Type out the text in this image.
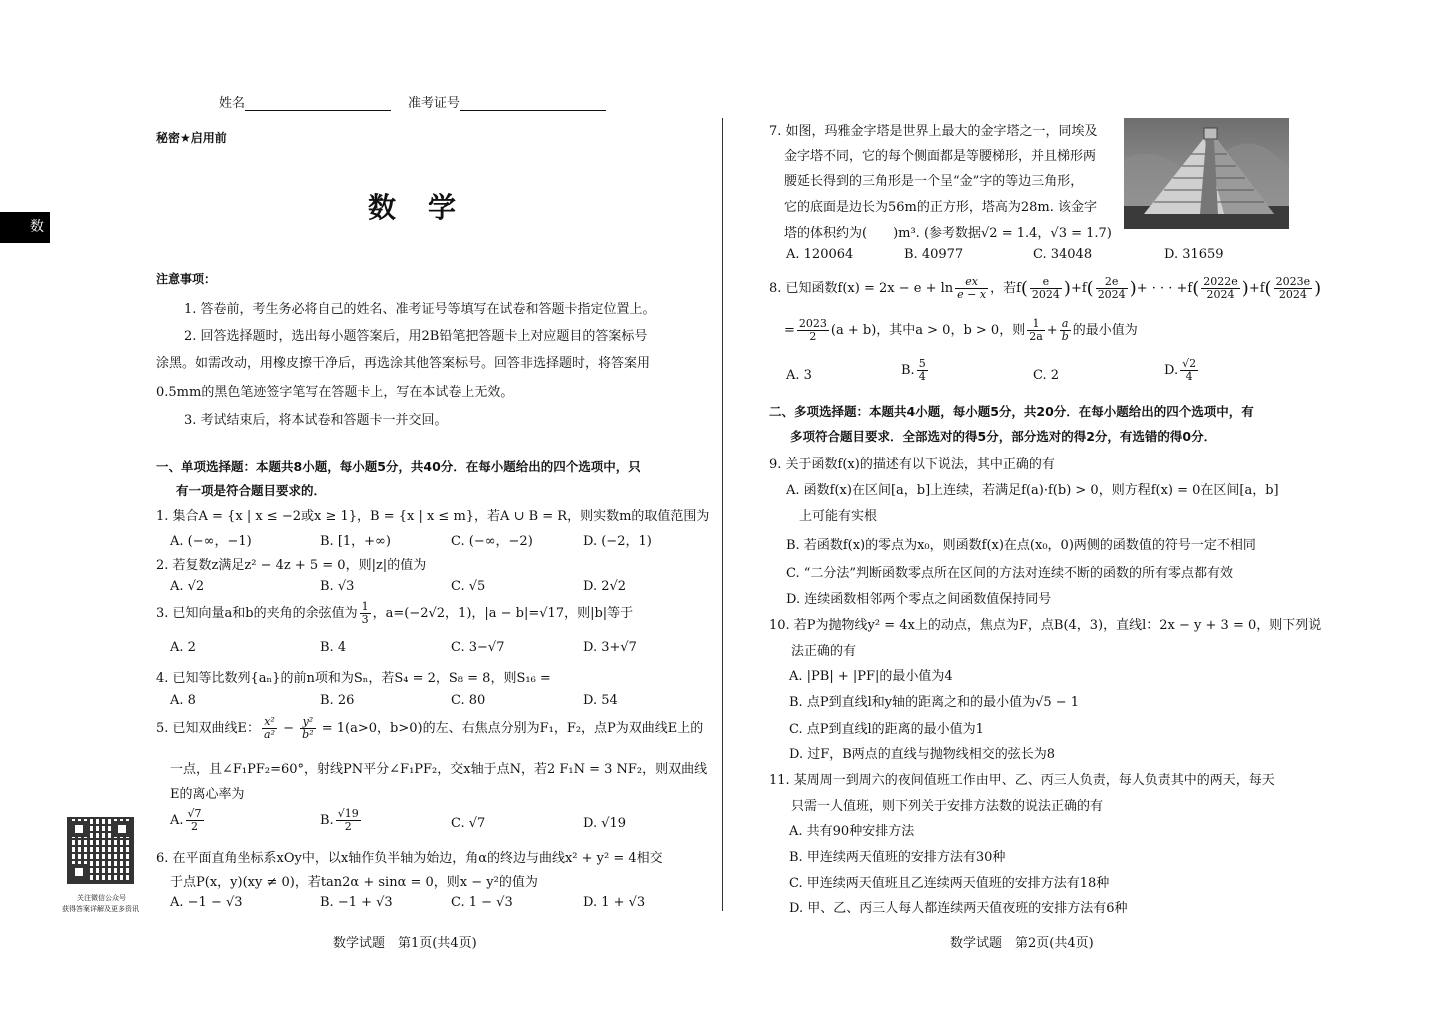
姓名	准考证号
秘密★启用前
数　学
数
注意事项：
1. 答卷前，考生务必将自己的姓名、准考证号等填写在试卷和答题卡指定位置上。
2. 回答选择题时，选出每小题答案后，用2B铅笔把答题卡上对应题目的答案标号
涂黑。如需改动，用橡皮擦干净后，再选涂其他答案标号。回答非选择题时，将答案用
0.5mm的黑色笔迹签字笔写在答题卡上，写在本试卷上无效。
3. 考试结束后，将本试卷和答题卡一并交回。
一、单项选择题：本题共8小题，每小题5分，共40分．在每小题给出的四个选项中，只
有一项是符合题目要求的．
1. 集合A = {x | x ≤ −2或x ≥ 1}，B = {x | x ≤ m}，若A ∪ B = R，则实数m的取值范围为
A. (−∞，−1)	B. [1，+∞)	C. (−∞，−2)	D. (−2，1)
2. 若复数z满足z² − 4z + 5 = 0，则|z|的值为
A. √2	B. √3	C. √5	D. 2√2
3. 已知向量a和b的夹角的余弦值为 $\frac{1}{3}$ ，a=(−2√2，1)，|a − b|=√17，则|b|等于
A. 2	B. 4	C. 3−√7	D. 3+√7
4. 已知等比数列{aₙ}的前n项和为Sₙ，若S₄ = 2，S₈ = 8，则S₁₆ =
A. 8	B. 26	C. 80	D. 54
5. 已知双曲线E： $\frac{\text{x²}}{\text{a²}} - \frac{\text{y²}}{\text{b²}} = 1(a>0$，b>0)的左、右焦点分别为F₁，F₂，点P为双曲线E上的
一点，且∠F₁PF₂=60°，射线PN平分∠F₁PF₂，交x轴于点N，若2 F₁N = 3 NF₂，则双曲线
E的离心率为
A. $\frac{√7}{2}$	B. $\frac{√19}{2}$	C. √7	D. √19
6. 在平面直角坐标系xOy中，以x轴作负半轴为始边，角α的终边与曲线x² + y² = 4相交
于点P(x，y)(xy ≠ 0)，若tan2α + sinα = 0，则x − y²的值为
A. −1 − √3	B. −1 + √3	C. 1 − √3	D. 1 + √3
关注微信公众号
获得答案详解及更多资讯
数学试题　第1页(共4页)
7. 如图，玛雅金字塔是世界上最大的金字塔之一，同埃及
金字塔不同，它的每个侧面都是等腰梯形，并且梯形两
腰延长得到的三角形是一个呈“金”字的等边三角形，
它的底面是边长为56m的正方形，塔高为28m. 该金字
塔的体积约为(　　)m³. (参考数据√2 = 1.4，√3 = 1.7)
A. 120064	B. 40977	C. 34048	D. 31659
8. 已知函数$f(x) = 2x - e + \ln \frac{ex}{e - x}$ ，若$f( \frac{e}{2024} )+f( \frac{2e}{2024}$ )+ · · · $+f( \frac{2022e}{2024} )+f( \frac{2023e}{2024}$ )
= $\frac{2023}{2} (a + b)$，其中a > 0，b > 0，则 $\frac{1}{2a} + \frac{a}{b}$ 的最小值为
A. 3	B. $\frac{5}{4}$	C. 2	D. $\frac{√2}{4}$
二、多项选择题：本题共4小题，每小题5分，共20分．在每小题给出的四个选项中，有
多项符合题目要求．全部选对的得5分，部分选对的得2分，有选错的得0分．
9. 关于函数f(x)的描述有以下说法，其中正确的有
A. 函数f(x)在区间[a，b]上连续，若满足f(a)·f(b) > 0，则方程f(x) = 0在区间[a，b]
上可能有实根
B. 若函数f(x)的零点为x₀，则函数f(x)在点(x₀，0)两侧的函数值的符号一定不相同
C. “二分法”判断函数零点所在区间的方法对连续不断的函数的所有零点都有效
D. 连续函数相邻两个零点之间函数值保持同号
10. 若P为抛物线y² = 4x上的动点，焦点为F，点B(4，3)，直线l：2x − y + 3 = 0，则下列说
法正确的有
A. |PB| + |PF|的最小值为4
B. 点P到直线l和y轴的距离之和的最小值为√5 − 1
C. 点P到直线l的距离的最小值为1
D. 过F，B两点的直线与抛物线相交的弦长为8
11. 某周周一到周六的夜间值班工作由甲、乙、丙三人负责，每人负责其中的两天，每天
只需一人值班，则下列关于安排方法数的说法正确的有
A. 共有90种安排方法
B. 甲连续两天值班的安排方法有30种
C. 甲连续两天值班且乙连续两天值班的安排方法有18种
D. 甲、乙、丙三人每人都连续两天值夜班的安排方法有6种
数学试题　第2页(共4页)
